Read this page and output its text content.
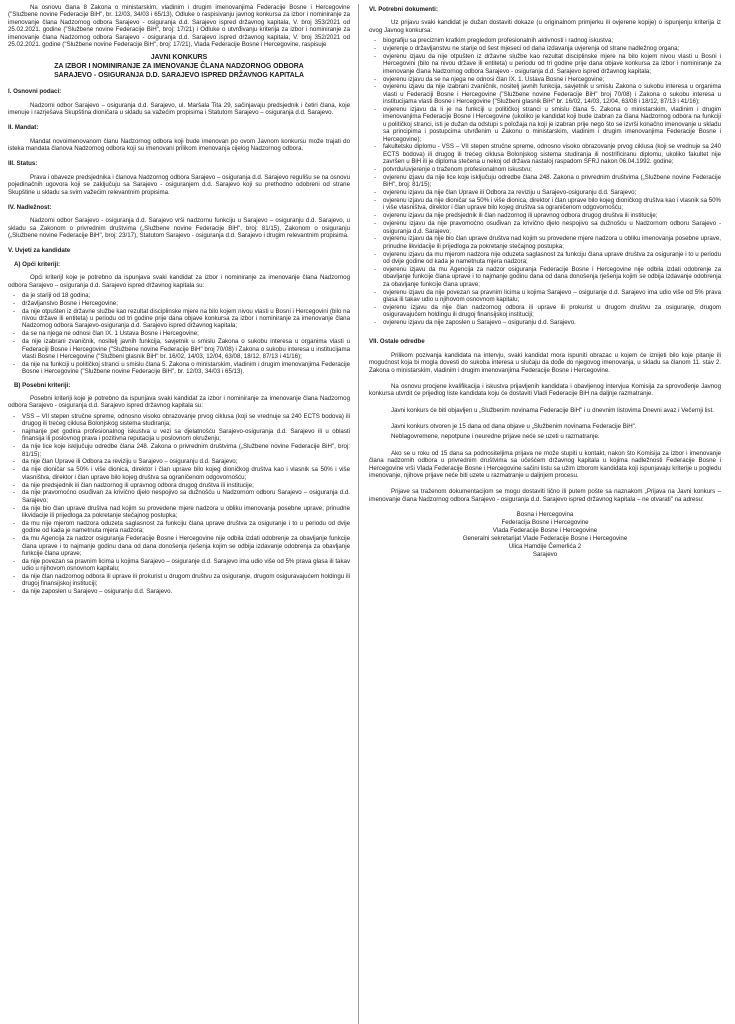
Na osnovu člana 8 Zakona o ministarskim, vladinim i drugim imenovanjima Federacije Bosne i Hercegovine ("Službene novine Federacije BiH", br. 12/03, 34/03 i 65/13), Odluke o raspisivanju javnog konkursa za izbor i nominiranje za imenovanje člana Nadzornog odbora Sarajevo - osiguranja d.d. Sarajevo ispred državnog kapitala, V. broj 353/2021 od 25.02.2021. godine ("Službene novine Federacije BiH", broj: 17/21) i Odluke o utvrđivanju kriterija za izbor i nominiranje za imenovanje člana Nadzornog odbora Sarajevo - osiguranja d.d. Sarajevo ispred državnog kapitala, V. broj 352/2021 od 25.02.2021. godine ("Službene novine Federacije BiH", broj: 17/21), Vlada Federacije Bosne i Hercegovine, raspisuje

JAVNI KONKURS
ZA IZBOR I NOMINIRANJE ZA IMENOVANJE ČLANA NADZORNOG ODBORA
SARAJEVO - OSIGURANJA D.D. SARAJEVO ISPRED DRŽAVNOG KAPITALA
I. Osnovni podaci:

Nadzorni odbor Sarajevo – osiguranja d.d. Sarajevo, ul. Maršala Tita 29, sačinjavaju predsjednik i četiri člana, koje imenuje i razrješava Skupština dioničara u skladu sa važećim propisima i Statutom Sarajevo – osiguranja d.d. Sarajevo.

II. Mandat:

Mandat novoimenovanom članu Nadzornog odbora koji bude imenovan po ovom Javnom konkursu može trajati do isteka mandata članova Nadzornog odbora koji su imenovani prilikom imenovanja cijelog Nadzornog odbora.

III. Status:

Prava i obaveze predsjednika i članova Nadzornog odbora Sarajevo – osiguranja d.d. Sarajevo regulišu se na osnovu pojedinačnih ugovora koji se zaključuju sa Sarajevo - osiguranjem d.d. Sarajevo koji su prethodno odobreni od strane Skupštine u skladu sa svim važećim relevantnim propisima.

IV. Nadležnost:

Nadzorni odbor Sarajevo - osiguranja d.d. Sarajevo vrši nadzornu funkciju u Sarajevo – osiguranju d.d. Sarajevo, u skladu sa Zakonom o privrednim društvima („Službene novine Federacije BiH", broj: 81/15), Zakonom o osiguranju („Službene novine Federacije BiH", broj: 23/17), Statutom Sarajevo - osiguranja d.d. Sarajevo i drugim relevantnim propisima.

V. Uvjeti za kandidate
A) Opći kriteriji:

Opći kriterijI koje je potrebno da ispunjava svaki kandidat za izbor i nominiranje za imenovanje člana Nadzornog odbora Sarajevo – osiguranja d.d. Sarajevo ispred državnog kapitala su:

- da je stariji od 18 godina;
- državljanstvo Bosne i Hercegovine;
- da nije otpušten iz državne službe kao rezultat disciplinske mjere na bilo kojem nivou vlasti u Bosni i Hercegovini (bilo na nivou države ili entiteta) u periodu od tri godine prije dana objave konkursa za izbor i nominiranje za imenovanje člana Nadzornog odbora Sarajevo-osiguranja d.d. Sarajevo ispred državnog kapitala;
- da se na njega ne odnosi član IX. 1 Ustava Bosne i Hercegovine;
- da nije izabrani zvaničnik, nositelj javnih funkcija, savjetnik u smislu Zakona o sukobu interesa u organima vlasti u Federaciji Bosne i Hercegovine ("Službene novine Federacije BiH" broj 70/08) i Zakona o sukobu interesa u institucijama vlasti Bosne i Hercegovine ("Službeni glasnik BiH" br. 16/02, 14/03, 12/04, 63/08, 18/12, 87/13 i 41/16);
- da nije na funkciji u političkoj stranci u smislu člana 5. Zakona o ministarskim, vladinim i drugim imenovanjima Federacije Bosne i Hercegovine ("Službene novine Federacije BiH", br. 12/03, 34/03 i 65/13).
B) Posebni kriteriji:

Posebni kriteriji koje je potrebno da ispunjava svaki kandidat za izbor i nominiranje za imenovanje člana Nadzornog odbora Sarajevo - osiguranja d.d. Sarajevo ispred državnog kapitala su:

- VSS – VII stepen stručne spreme, odnosno visoko obrazovanje prvog ciklusa (koji se vrednuje sa 240 ECTS bodova) ili drugog ili trećeg ciklusa Bolonjskog sistema studiranja;
- najmanje pet godina profesionalnog iskustva u vezi sa djelatnošću Sarajevo-osiguranja d.d. Sarajevo ili u oblasti finansija ili poslovnog prava i pozitivna reputacija u poslovnom okruženju;
- da nije lice koje isključuju odredbe člana 248. Zakona o privrednim društvima („Službene novine Federacije BiH", broj: 81/15);
- da nije član Uprave ili Odbora za reviziju u Sarajevo – osiguranju d.d. Sarajevo;
- da nije dioničar sa 50% i više dionica, direktor i član uprave bilo kojeg dioničkog društva kao i vlasnik sa 50% i više vlasništva, direktor i član uprave bilo kojeg društva sa ograničenom odgovornošću;
- da nije predsjednik ili član nadzornog ili upravnog odbora drugog društva ili institucije;
- da nije pravomoćno osuđivan za krivično djelo nespojivo sa dužnošću u Nadzornom odboru Sarajevo – osiguranja d.d. Sarajevo;
- da nije bio član uprave društva nad kojim su provedene mjere nadzora u obliku imenovanja posebne uprave, prinudne likvidacije ili prijedloga za pokretanje stečajnog postupka;
- da mu nije mjerom nadzora oduzeta saglasnost za funkciju člana uprave društva za osiguranje i to u periodu od dvije godine od kada je nametnuta mjera nadzora;
- da mu Agencija za nadzor osiguranja Federacije Bosne i Hercegovine nije odbila izdati odobrenje za obavljanje funkcije člana uprave i to najmanje godinu dana od dana donošenja rješenja kojim se odbija izdavanje odobrenja za obavljanje funkcije člana uprave;
- da nije povezan sa pravnim licima u kojima Sarajevo – osiguranje d.d. Sarajevo ima udio više od 5% prava glasa ili takav udio u njihovom osnovnom kapitalu;
- da nije član nadzornog odbora ili uprave ili prokurist u drugom društvu za osiguranje, drugom osiguravajućem holdingu ili drugoj finansijskoj instituciji;
- da nije zaposlen u Sarajevo – osiguranju d.d. Sarajevo.
VI. Potrebni dokumenti:

Uz prijavu svaki kandidat je dužan dostaviti dokaze (u originalnom primjerku ili ovjerene kopije) o ispunjenju kriterija iz ovog Javnog konkursa:

- biografiju sa preciznim kratkim pregledom profesionalnih aktivnosti i radnog iskustva;
- uvjerenje o državljanstvu ne starije od šest mjeseci od dana izdavanja uvjerenja od strane nadležnog organa;
- ovjerenu izjavu da nije otpušten iz državne službe kao rezultat disciplinske mjere na bilo kojem nivou vlasti u Bosni i Hercegovini (bilo na nivou države ili entiteta) u periodu od tri godine prije dana objave konkursa za izbor i nominiranje za imenovanje člana Nadzornog odbora Sarajevo - osiguranja d.d. Sarajevo ispred državnog kapitala;
- ovjerenu izjavu da se na njega ne odnosi član IX. 1. Ustava Bosne i Hercegovine;
- ovjerenu izjavu da nije izabrani zvaničnik, nositelj javnih funkcija, savjetnik u smislu Zakona o sukobu interesa u organima vlasti u Federaciji Bosne i Hercegovine ("Službene novine Federacije BiH" broj 70/08) i Zakona o sukobu interesa u institucijama vlasti Bosne i Hercegovine ("Službeni glasnik BiH" br. 16/02, 14/03, 12/04, 63/08 i 18/12, 87/13 i 41/16);
- ovjerenu izjavu da li je na funkciji u političkoj stranci u smislu člana 5. Zakona o ministarskim, vladinim i drugim imenovanjima Federacije Bosne i Hercegovine (ukoliko je kandidat koji bude izabran za člana Nadzornog odbora na funkciji u političkoj stranci, isti je dužan da odstupi s položaja na koji je izabran prije nego što se izvrši konačno imenovanje u skladu sa principima i postupcima utvrđenim u Zakonu o ministarskim, vladinim i drugim imenovanjima Federacije Bosne i Hercegovine);
- fakultetsku diplomu - VSS – VII stepen stručne spreme, odnosno visoko obrazovanje prvog ciklusa (koji se vrednuje sa 240 ECTS bodova) ili drugog ili trećeg ciklusa Bolonjskog sistema studiranja ili nostrificiranu diplomu, ukoliko fakultet nije završen u BiH ili je diploma stečena u nekoj od država nastaloj raspadom SFRJ nakon 06.04.1992. godine;
- potvrdu/uvjerenje o traženom profesionalnom iskustvu;
- ovjerenu izjavu da nije lice koje isključuju odredbe člana 248. Zakona o privrednim društvima („Službene novine Federacije BiH", broj: 81/15);
- ovjerenu izjavu da nije član Uprave ili Odbora za reviziju u Sarajevo-osiguranju d.d. Sarajevo;
- ovjerenu izjavu da nije dioničar sa 50% i više dionica, direktor i član uprave bilo kojeg dioničkog društva kao i vlasnik sa 50% i više vlasništva, direktor i član uprave bilo kojeg društva sa ograničenom odgovornošću;
- ovjerenu izjavu da nije predsjednik ili član nadzornog ili upravnog odbora drugog društva ili institucije;
- ovjerenu izjavu da nije pravomoćno osuđivan za krivično djelo nespojivo sa dužnošću u Nadzornom odboru Sarajevo - osiguranja d.d. Sarajevo;
- ovjerenu izjavu da nije bio član uprave društva nad kojim su provedene mjere nadzora u obliku imenovanja posebne uprave, prinudne likvidacije ili prijedloga za pokretanje stečajnog postupka;
- ovjerenu izjavu da mu mjerom nadzora nije oduzeta saglasnost za funkciju člana uprave društva za osiguranje i to u periodu od dvije godine od kada je nametnuta mjera nadzora;
- ovjerenu izjavu da mu Agencija za nadzor osiguranja Federacije Bosne i Hercegovine nije odbila izdati odobrenje za obavljanje funkcije člana uprave i to najmanje godinu dana od dana donošenja rješenja kojim se odbija izdavanje odobrenja za obavljanje funkcije člana uprave;
- ovjerenu izjavu da nije povezan sa pravnim licima u kojima Sarajevo – osiguranje d.d. Sarajevo ima udio više od 5% prava glasa ili takav udio u njihovom osnovnom kapitalu;
- ovjerenu izjavu da nije član nadzornog odbora ili uprave ili prokurist u drugom društvu za osiguranje, drugom osiguravajućem holdingu ili drugoj finansijskoj instituciji;
- ovjerenu izjavu da nije zaposlen u Sarajevo – osiguranju d.d. Sarajevo.
VII. Ostale odredbe

Prilikom pozivanja kandidata na intervju, svaki kandidat mora ispuniti obrazac u kojem će iznijeti bilo koje pitanje ili mogućnost koja bi mogla dovesti do sukoba interesa u slučaju da dođe do njegovog imenovanja, u skladu sa članom 11. stav 2. Zakona o ministarskim, vladinim i drugim imenovanjima Federacije Bosne i Hercegovine.

Na osnovu procjene kvalifikacija i iskustva prijavljenih kandidata i obavljenog intervjua Komisija za sprovođenje Javnog konkursa utvrdit će prijedlog liste kandidata koju će dostaviti Vladi Federacije BiH na daljnje razmatranje.

Javni konkurs će biti objavljen u „Službenim novinama Federacije BiH" i u dnevnim listovima Dnevni avaz i Večernji list.

Javni konkurs otvoren je 15 dana od dana objave u „Službenim novinama Federacije BiH".

Neblagovremene, nepotpune i neuredne prijave neće se uzeti u razmatranje.

Ako se u roku od 15 dana sa podnositeljima prijava ne može stupiti u kontakt, nakon što Komisija za izbor i imenovanje člana nadzornih odbora u privrednim društvima sa učešćem državnog kapitala u kojima nadležnosti Federacije Bosne i Hercegovine vrši Vlada Federacije Bosne i Hercegovine sačini listu sa užim izborom kandidata koji ispunjavaju kriterije u pogledu imenovanje, njihove prijave neće biti uzete u razmatranje u daljnjem procesu.

Prijave sa traženom dokumentacijom se mogu dostaviti lično ili putem pošte sa naznakom „Prijava na Javni konkurs – imenovanje člana Nadzornog odbora Sarajevo - osiguranja d.d. Sarajevo ispred državnog kapitala – ne otvarati" na adresu:

Bosna i Hercegovina
Federacija Bosne i Hercegovine
Vlada Federacije Bosne i Hercegovine
Generalni sekretarijat Vlade Federacije Bosne i Hercegovine
Ulica Hamdije Čemerlića 2
Sarajevo
